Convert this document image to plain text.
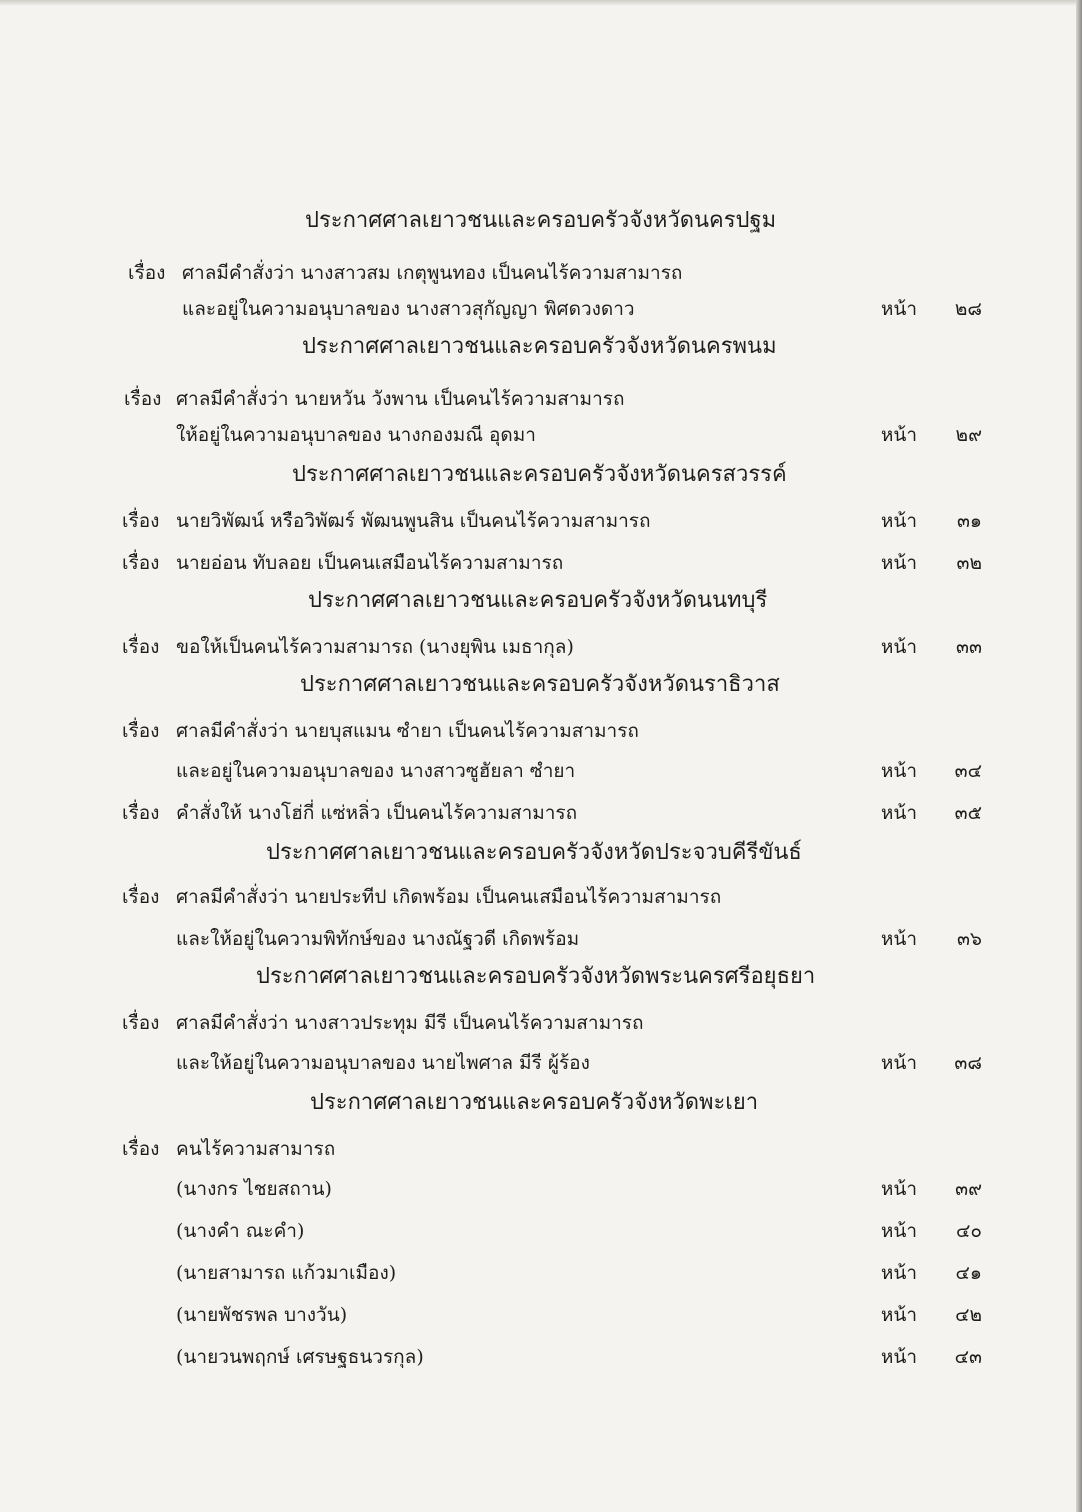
ประกาศศาลเยาวชนและครอบครัวจังหวัดนครปฐม
เรื่อง ศาลมีคำสั่งว่า นางสาวสม เกตุพูนทอง เป็นคนไร้ความสามารถ
และอยู่ในความอนุบาลของ นางสาวสุกัญญา พิศดวงดาว	หน้า ๒๘
ประกาศศาลเยาวชนและครอบครัวจังหวัดนครพนม
เรื่อง ศาลมีคำสั่งว่า นายหวัน วังพาน เป็นคนไร้ความสามารถ
ให้อยู่ในความอนุบาลของ นางกองมณี อุดมา	หน้า ๒๙
ประกาศศาลเยาวชนและครอบครัวจังหวัดนครสวรรค์
เรื่อง นายวิพัฒน์ หรือวิพัฒร์ พัฒนพูนสิน เป็นคนไร้ความสามารถ	หน้า ๓๑
เรื่อง นายอ่อน ทับลอย เป็นคนเสมือนไร้ความสามารถ	หน้า ๓๒
ประกาศศาลเยาวชนและครอบครัวจังหวัดนนทบุรี
เรื่อง ขอให้เป็นคนไร้ความสามารถ (นางยุพิน เมธากุล)	หน้า ๓๓
ประกาศศาลเยาวชนและครอบครัวจังหวัดนราธิวาส
เรื่อง ศาลมีคำสั่งว่า นายบุสแมน ซำยา เป็นคนไร้ความสามารถ
และอยู่ในความอนุบาลของ นางสาวซูฮัยลา ซำยา	หน้า ๓๔
เรื่อง คำสั่งให้ นางโฮ่กี่ แซ่หลิ่ว เป็นคนไร้ความสามารถ	หน้า ๓๕
ประกาศศาลเยาวชนและครอบครัวจังหวัดประจวบคีรีขันธ์
เรื่อง ศาลมีคำสั่งว่า นายประทีป เกิดพร้อม เป็นคนเสมือนไร้ความสามารถ
และให้อยู่ในความพิทักษ์ของ นางณัฐวดี เกิดพร้อม	หน้า ๓๖
ประกาศศาลเยาวชนและครอบครัวจังหวัดพระนครศรีอยุธยา
เรื่อง ศาลมีคำสั่งว่า นางสาวประทุม มีรี เป็นคนไร้ความสามารถ
และให้อยู่ในความอนุบาลของ นายไพศาล มีรี ผู้ร้อง	หน้า ๓๘
ประกาศศาลเยาวชนและครอบครัวจังหวัดพะเยา
เรื่อง คนไร้ความสามารถ
(นางกร ไชยสถาน)	หน้า ๓๙
(นางคำ ณะคำ)	หน้า ๔๐
(นายสามารถ แก้วมาเมือง)	หน้า ๔๑
(นายพัชรพล บางวัน)	หน้า ๔๒
(นายวนพฤกษ์ เศรษฐธนวรกุล)	หน้า ๔๓
